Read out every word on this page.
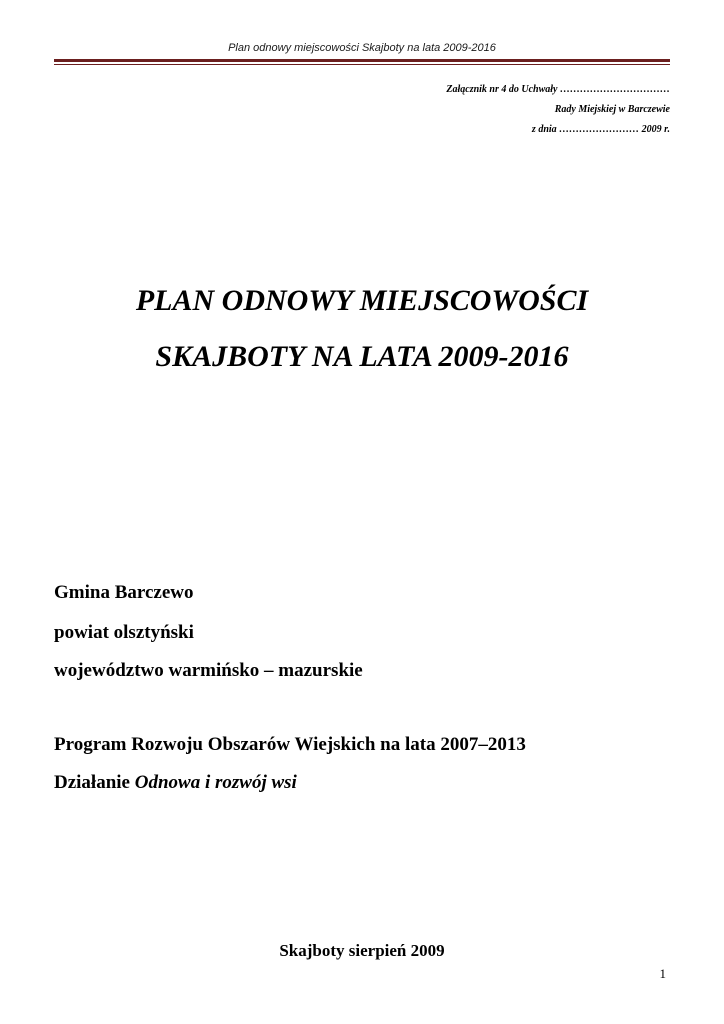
Plan odnowy miejscowości Skajboty na lata 2009-2016
Załącznik nr 4 do Uchwały ……………………………
Rady Miejskiej w Barczewie
z dnia …………………… 2009 r.
PLAN ODNOWY MIEJSCOWOŚCI
SKAJBOTY NA LATA 2009-2016
Gmina Barczewo
powiat olsztyński
województwo warmińsko – mazurskie
Program Rozwoju Obszarów Wiejskich na lata 2007–2013
Działanie Odnowa i rozwój wsi
Skajboty sierpień 2009
1
